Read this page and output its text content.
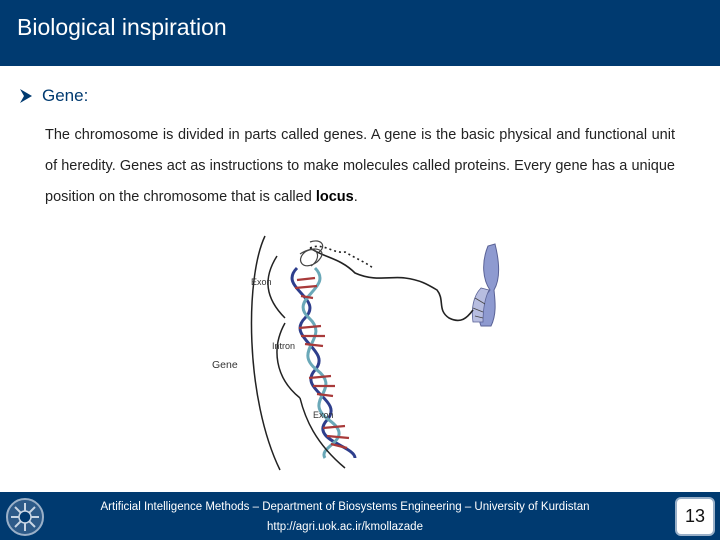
Biological inspiration
Gene:
The chromosome is divided in parts called genes. A gene is the basic physical and functional unit of heredity. Genes act as instructions to make molecules called proteins. Every gene has a unique position on the chromosome that is called locus.
Exon
Intron
Gene
Exon
Artificial Intelligence Methods – Department of Biosystems Engineering – University of Kurdistan
http://agri.uok.ac.ir/kmollazade
13
